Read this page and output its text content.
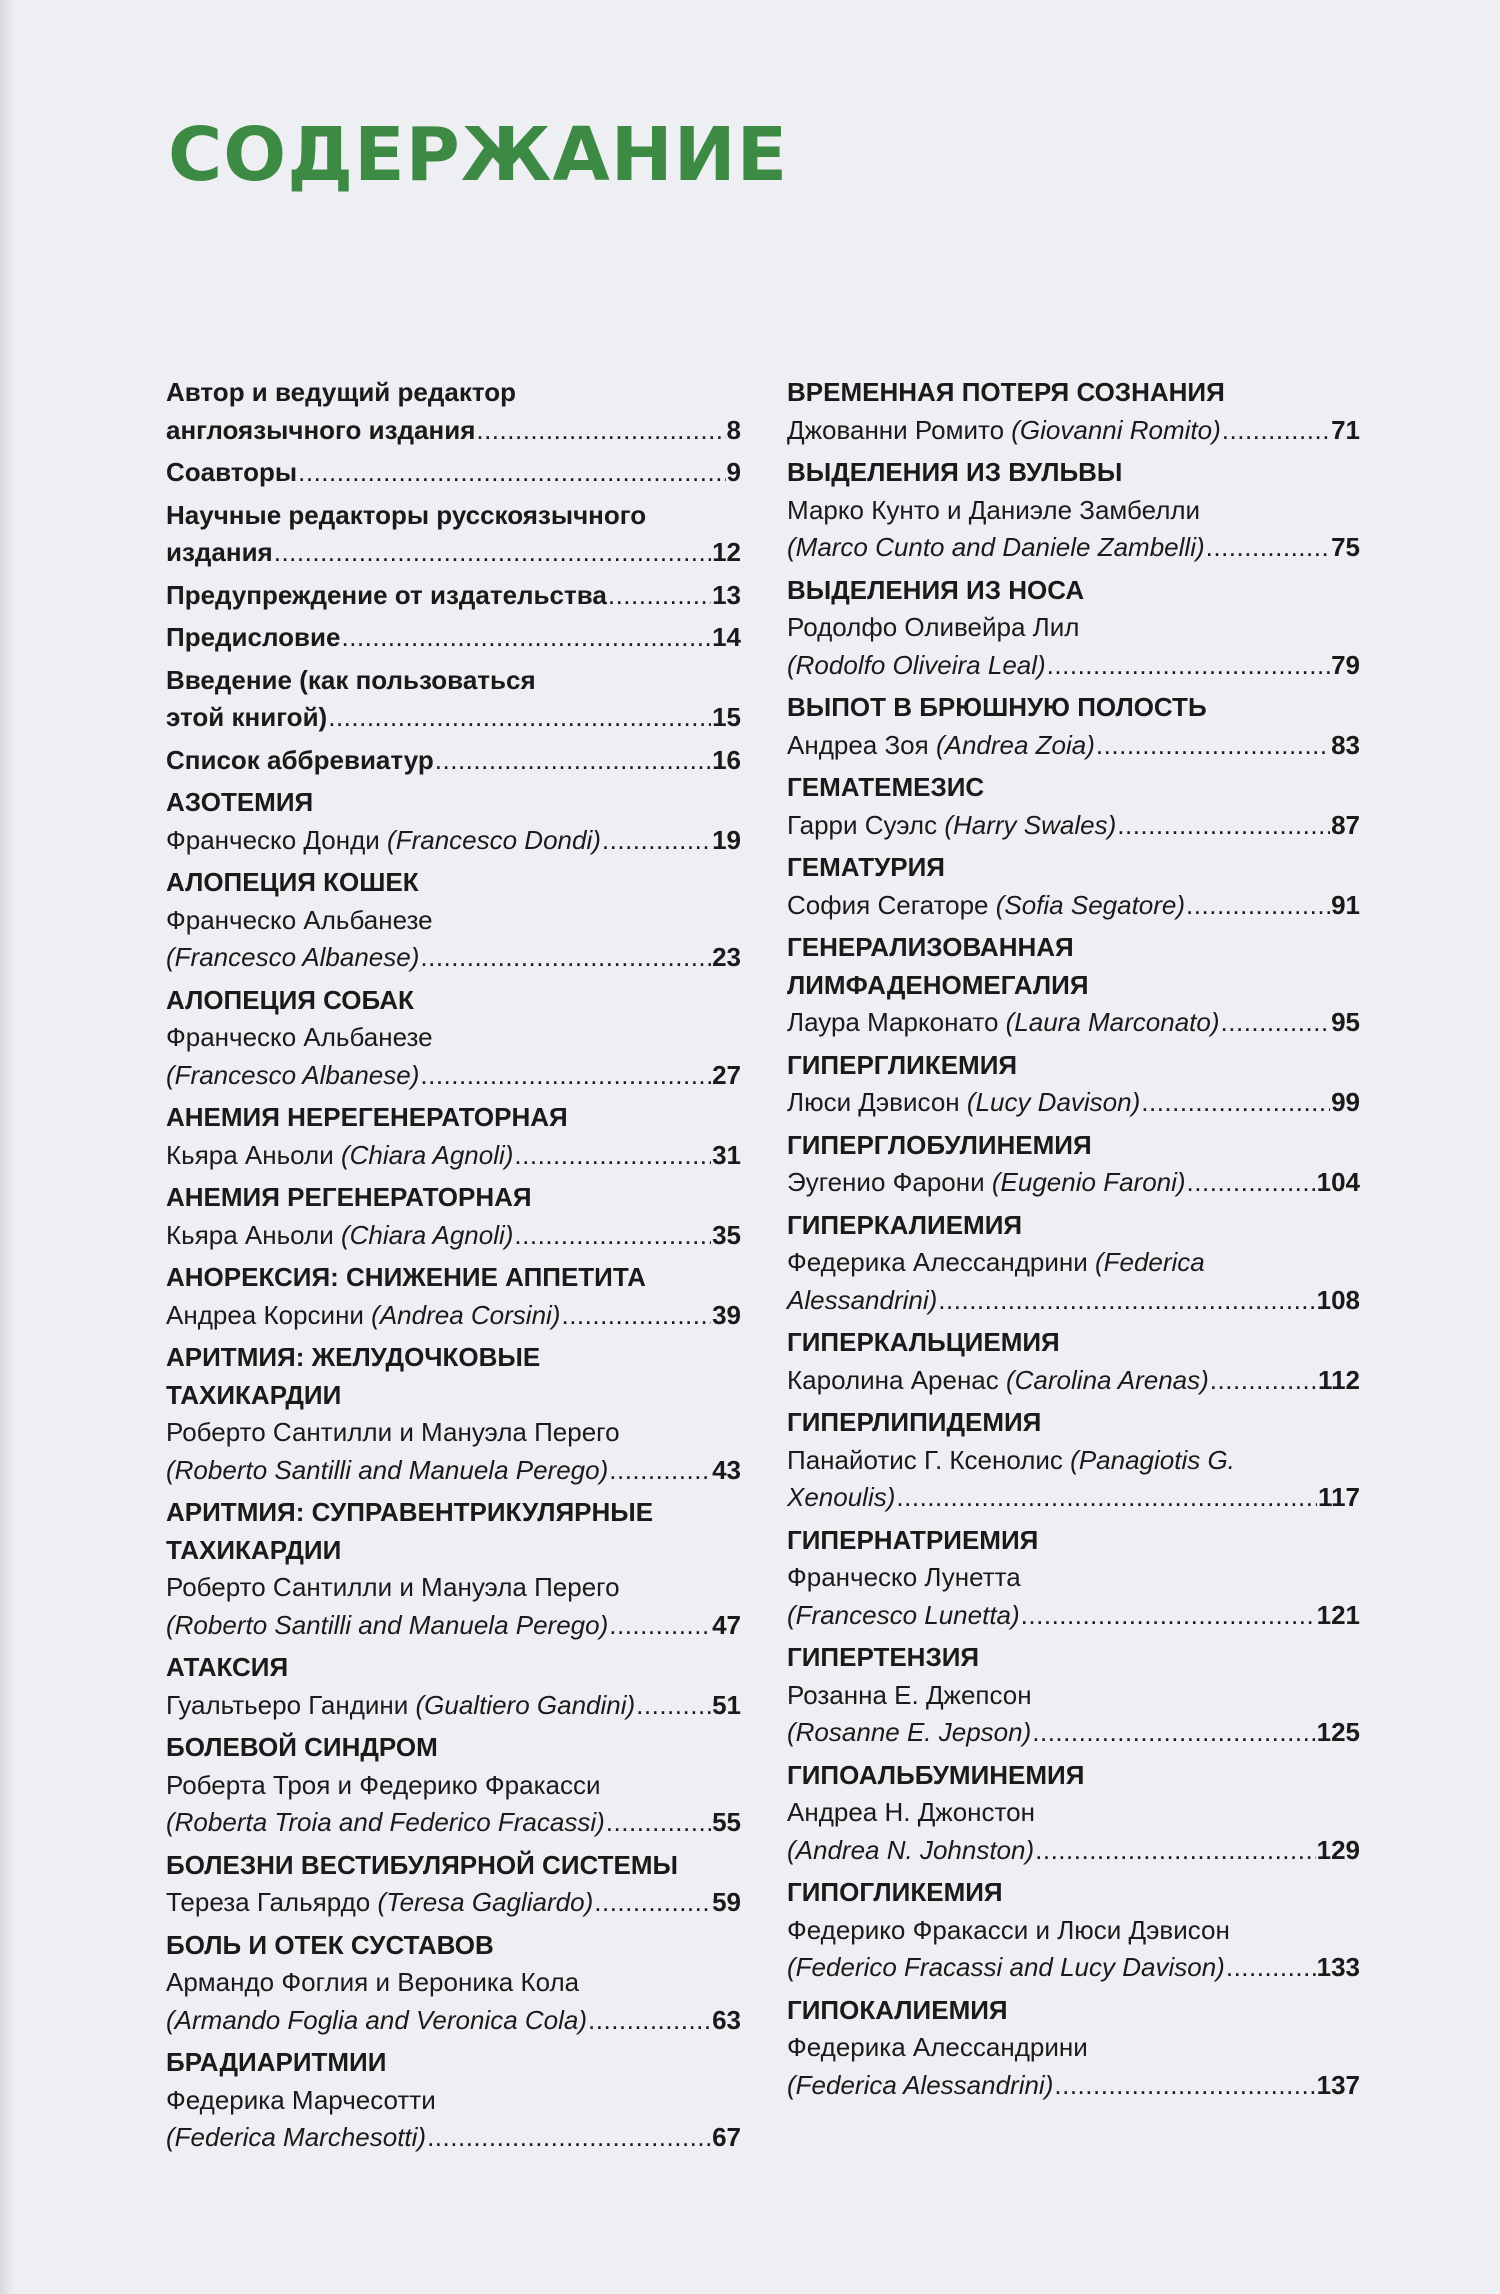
СОДЕРЖАНИЕ
Автор и ведущий редактор
англоязычного издания .....	8
Соавторы .....	9
Научные редакторы русскоязычного
издания .....	12
Предупреждение от издательства .....	13
Предисловие .....	14
Введение (как пользоваться
этой книгой) .....	15
Список аббревиатур .....	16
АЗОТЕМИЯ
Франческо Донди (Francesco Dondi) .....	19
АЛОПЕЦИЯ КОШЕК
Франческо Альбанезе
(Francesco Albanese) .....	23
АЛОПЕЦИЯ СОБАК
Франческо Альбанезе
(Francesco Albanese) .....	27
АНЕМИЯ НЕРЕГЕНЕРАТОРНАЯ
Кьяра Аньоли (Chiara Agnoli) .....	31
АНЕМИЯ РЕГЕНЕРАТОРНАЯ
Кьяра Аньоли (Chiara Agnoli) .....	35
АНОРЕКСИЯ: СНИЖЕНИЕ АППЕТИТА
Андреа Корсини (Andrea Corsini) .....	39
АРИТМИЯ: ЖЕЛУДОЧКОВЫЕ
ТАХИКАРДИИ
Роберто Сантилли и Мануэла Перего
(Roberto Santilli and Manuela Perego) .....	43
АРИТМИЯ: СУПРАВЕНТРИКУЛЯРНЫЕ
ТАХИКАРДИИ
Роберто Сантилли и Мануэла Перего
(Roberto Santilli and Manuela Perego) .....	47
АТАКСИЯ
Гуальтьеро Гандини (Gualtiero Gandini) .....	51
БОЛЕВОЙ СИНДРОМ
Роберта Троя и Федерико Фракасси
(Roberta Troia and Federico Fracassi) .....	55
БОЛЕЗНИ ВЕСТИБУЛЯРНОЙ СИСТЕМЫ
Тереза Гальярдо (Teresa Gagliardo) .....	59
БОЛЬ И ОТЕК СУСТАВОВ
Армандо Фоглия и Вероника Кола
(Armando Foglia and Veronica Cola) .....	63
БРАДИАРИТМИИ
Федерика Марчесотти
(Federica Marchesotti) .....	67
ВРЕМЕННАЯ ПОТЕРЯ СОЗНАНИЯ
Джованни Ромито (Giovanni Romito) .....	71
ВЫДЕЛЕНИЯ ИЗ ВУЛЬВЫ
Марко Кунто и Даниэле Замбелли
(Marco Cunto and Daniele Zambelli) .....	75
ВЫДЕЛЕНИЯ ИЗ НОСА
Родолфо Оливейра Лил
(Rodolfo Oliveira Leal) .....	79
ВЫПОТ В БРЮШНУЮ ПОЛОСТЬ
Андреа Зоя (Andrea Zoia) .....	83
ГЕМАТЕМЕЗИС
Гарри Суэлс (Harry Swales) .....	87
ГЕМАТУРИЯ
София Сегаторе (Sofia Segatore) .....	91
ГЕНЕРАЛИЗОВАННАЯ
ЛИМФАДЕНОМЕГАЛИЯ
Лаура Марконато (Laura Marconato) .....	95
ГИПЕРГЛИКЕМИЯ
Люси Дэвисон (Lucy Davison) .....	99
ГИПЕРГЛОБУЛИНЕМИЯ
Эугенио Фарони (Eugenio Faroni) .....	104
ГИПЕРКАЛИЕМИЯ
Федерика Алессандрини (Federica
Alessandrini) .....	108
ГИПЕРКАЛЬЦИЕМИЯ
Каролина Аренас (Carolina Arenas) .....	112
ГИПЕРЛИПИДЕМИЯ
Панайотис Г. Ксенолис (Panagiotis G.
Xenoulis) .....	117
ГИПЕРНАТРИЕМИЯ
Франческо Лунетта
(Francesco Lunetta) .....	121
ГИПЕРТЕНЗИЯ
Розанна Е. Джепсон
(Rosanne E. Jepson) .....	125
ГИПОАЛЬБУМИНЕМИЯ
Андреа Н. Джонстон
(Andrea N. Johnston) .....	129
ГИПОГЛИКЕМИЯ
Федерико Фракасси и Люси Дэвисон
(Federico Fracassi and Lucy Davison) .....	133
ГИПОКАЛИЕМИЯ
Федерика Алессандрини
(Federica Alessandrini) .....	137
